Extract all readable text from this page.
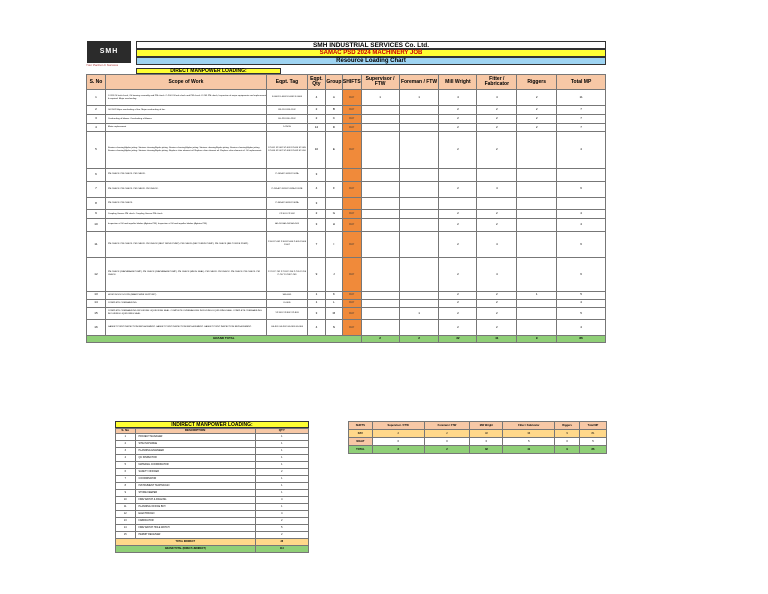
SMH
Your Partner in Success
SMH INDUSTRIAL SERVICES Co. Ltd.
SAMAC PSD 2024 MACHINERY JOB
Resource Loading Chart
DIRECT MANPOWER LOADING:
S. No	Scope of Work	Eqpt. Tag	Eqpt. Qty	Group	SHIFTS	Supervisor / FTW	Foreman / FTW	Mill Wright	Fitter / Fabricator	Riggers	Total MP
1	C-203 Oil leak check, Ok bearing assembly and PM check. C-204 Oil leak check and PM check. K-205 PM check, Inspection of major equipments and replacement if required. Major overhauling.	K-0001 K-0002 K-0003 K-0004	4	A	DAY	1	1	4	4	2	11
2	Oil-1102 Major overhauling of fan. Major overhauling of fan.	FN-1101 FN-1102	2	B	DAY			2	2	2	7
3	Overhauling of blower. Overhauling of blower.	BL-2201 BL-2202	2	C	DAY			2	2	2	7
4	Motor replacement	14 NOS	14	D	DAY			2	2	2	7
5	Strainer cleaning/Hydro jetting. Strainer cleaning/Hydro jetting. Strainer cleaning/Hydro jetting. Strainer cleaning/Hydro jetting. Strainer cleaning/Hydro jetting. Strainer cleaning/Hydro jetting. Strainer cleaning/Hydro jetting. Replace shim element oil. Replace shim element oil. Replace shim element oil. Oil replacement.	ST-001 ST-002 ST-003 ST-004 ST-005 ST-006 ST-007 ST-008 ST-009 ST-010	10	E	DAY			2	2		4
6	PM CHECK. PM CHECK. PM CHECK.	P-101A P-101B P-102A	3								
7	PM CHECK. PM CHECK. PM CHECK. PM CHECK.	P-201A P-201B P-202A P-202B	4	F	DAY			2	4		6
8	PM CHECK. PM CHECK.	P-301A P-301B P-302A	3								
9	Coupling Grease PM check. Coupling Grease PM check.	CP-401 CP-402	2	G	DAY			2	2		4
10	Inspection of Oil and impeller blades (Agitator PM). Inspection of Oil and impeller blades (Agitator PM).	AG-501 AG-502 AG-503	3	H	DAY			2	2		4
11	PM CHECK. PM CHECK. PM CHECK. PM CHECK (BELT DRIVE PUMP). PM CHECK (BELT DRIVE PUMP). PM CHECK (BELT DRIVE PUMP).	P-601 P-602 P-603 P-604 P-605 P-606 P-607	7	I	DAY			2	4		6
12	PM CHECK (DIAPHRAGM PUMP). PM CHECK (DIAPHRAGM PUMP). PM CHECK (MECH SEAL). PM CHECK. PM CHECK. PM CHECK. PM CHECK. PM CHECK.	P-701 P-702 P-703 P-704 P-705 P-706 P-707 P-708 P-709	9	J	DAY			2	4		6
13	HOIST/HOOK SCOPE (MANPOWER SUPPORT).	SM-0001	1	K	DAY			2	2	1	5
14	COMPLETE OVERHAULING.	K-0005	1	L	DAY			2	2		4
15	COMPLETE OVERHAULING INCLUDING LIQUID RING SEAL. COMPLETE OVERHAULING INCLUDING LIQUID RING SEAL. COMPLETE OVERHAULING INCLUDING LIQUID RING SEAL.	VP-801 VP-802 VP-803	3	M	DAY		1	2	2		5
16	GASKET POINT INSPECTION REPLACEMENT. GASKET POINT INSPECTION REPLACEMENT. GASKET POINT INSPECTION REPLACEMENT.	GS-901 GS-902 GS-903 GS-904	4	N	DAY			2	2		4
GRAND TOTAL						2	2	32	41	9	86
INDIRECT MANPOWER LOADING:
S. No	DESCRIPTION	QTY
1	PROJECT MANAGER	1
2	SITE INCHARGE	1
3	PLANNING ENGINEER	1
4	QC INSPECTOR	1
5	MATERIAL COORDINATOR	1
6	SAFETY OFFICER	2
7	COORDINATOR	1
8	INSTRUMENT TECHNICIAN	1
9	STORE KEEPER	1
10	FIRE WATCH & RIGGING	4
11	PLANNING OFFICE BOY	1
12	ELECTRICIAN	4
13	FABRICATOR	2
14	FIRE WATCH HOLE WATCH	5
15	PERMIT RECEIVER	2
TOTAL INDIRECT		28
GRAND TOTAL (DIRECT+INDIRECT)		114
SHIFTS	Supervisor / FTW	Foreman / FTW	Mill Wright	Fitter / Fabricator	Riggers	Total MP
DAY	2	2	32	36	9	81
NIGHT	0	0	0	5	0	5
TOTAL	2	2	32	41	9	86
